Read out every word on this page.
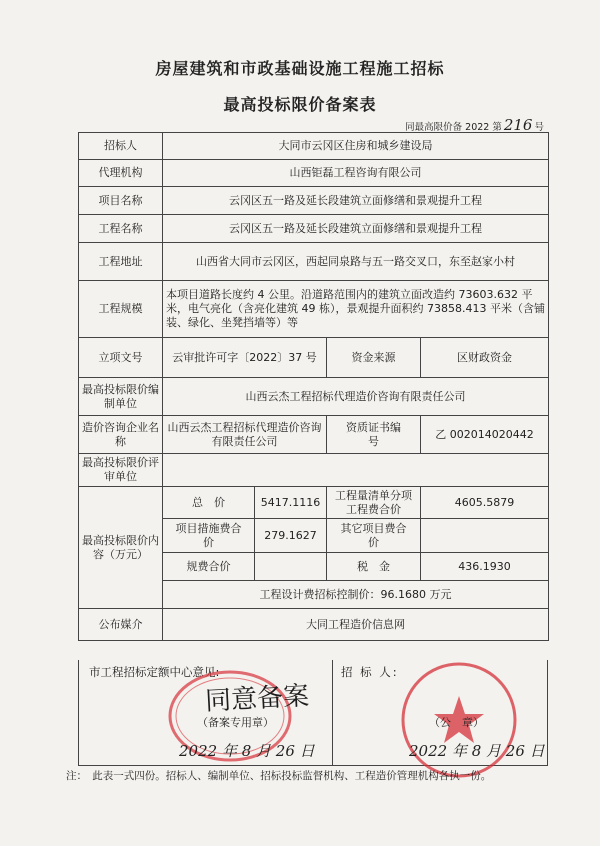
房屋建筑和市政基础设施工程施工招标
最高投标限价备案表
同最高限价备 2022 第 216 号
招标人	大同市云冈区住房和城乡建设局			
代理机构	山西钜磊工程咨询有限公司			
项目名称	云冈区五一路及延长段建筑立面修缮和景观提升工程			
工程名称	云冈区五一路及延长段建筑立面修缮和景观提升工程			
工程地址	山西省大同市云冈区，西起同泉路与五一路交叉口，东至赵家小村			
工程规模	本项目道路长度约 4 公里。沿道路范围内的建筑立面改造约 73603.632 平米，电气亮化（含亮化建筑 49 栋），景观提升面积约 73858.413 平米（含铺装、绿化、坐凳挡墙等）等			
立项文号	云审批许可字〔2022〕37 号		资金来源	区财政资金
最高投标限价编制单位	山西云杰工程招标代理造价咨询有限责任公司			
造价咨询企业名称	山西云杰工程招标代理造价咨询有限责任公司		资质证书编　　号	乙 002014020442
最高投标限价评审单位				
最高投标限价内容（万元）	总　价	5417.1116	工程量清单分项工程费合价	4605.5879
	项目措施费合　价	279.1627	其它项目费合　价	
	规费合价		税　金	436.1930
	工程设计费招标控制价：96.1680 万元			
公布媒介	大同工程造价信息网			
市工程招标定额中心意见:	招 标 人:
同意备案
（备案专用章）
2022 年 8 月 26 日
（公　章）
2022 年 8 月 26 日
注：　此表一式四份。招标人、编制单位、招标投标监督机构、工程造价管理机构各执一份。
